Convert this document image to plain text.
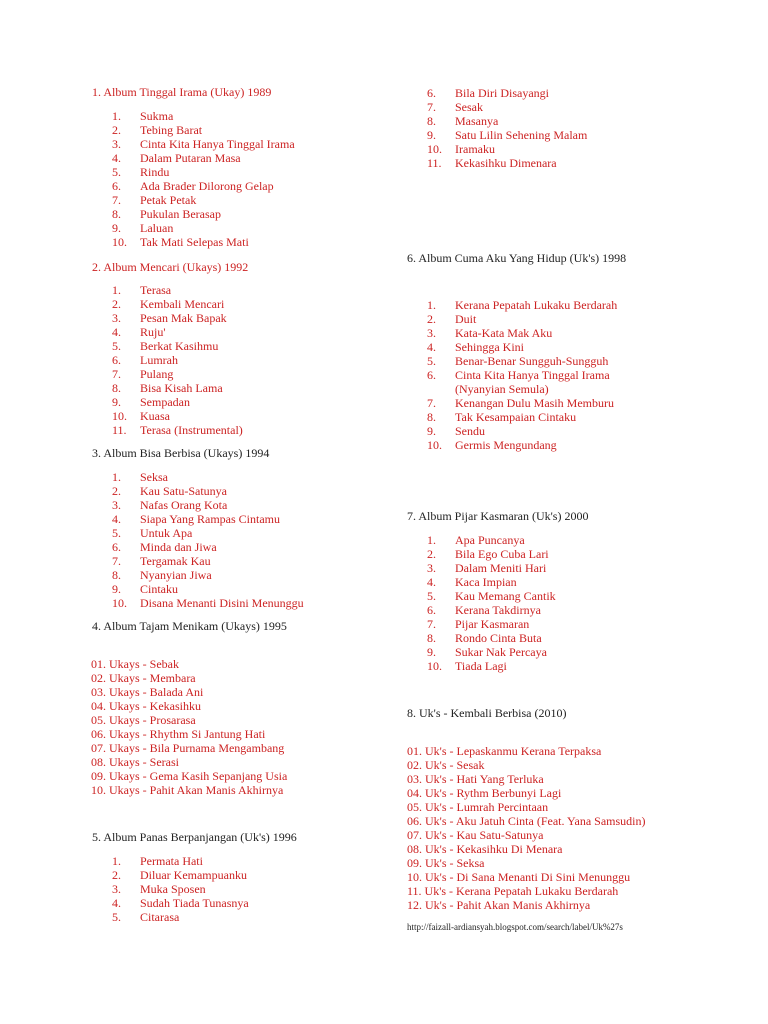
1. Album Tinggal Irama (Ukay) 1989
1.	Sukma
2.	Tebing Barat
3.	Cinta Kita Hanya Tinggal Irama
4.	Dalam Putaran Masa
5.	Rindu
6.	Ada Brader Dilorong Gelap
7.	Petak Petak
8.	Pukulan Berasap
9.	Laluan
10.	Tak Mati Selepas Mati
2. Album Mencari (Ukays) 1992
1.	Terasa
2.	Kembali Mencari
3.	Pesan Mak Bapak
4.	Ruju'
5.	Berkat Kasihmu
6.	Lumrah
7.	Pulang
8.	Bisa Kisah Lama
9.	Sempadan
10.	Kuasa
11.	Terasa (Instrumental)
3. Album Bisa Berbisa (Ukays) 1994
1.	Seksa
2.	Kau Satu-Satunya
3.	Nafas Orang Kota
4.	Siapa Yang Rampas Cintamu
5.	Untuk Apa
6.	Minda dan Jiwa
7.	Tergamak Kau
8.	Nyanyian Jiwa
9.	Cintaku
10.	Disana Menanti Disini Menunggu
4. Album Tajam Menikam (Ukays) 1995
01. Ukays - Sebak
02. Ukays - Membara
03. Ukays - Balada Ani
04. Ukays - Kekasihku
05. Ukays - Prosarasa
06. Ukays - Rhythm Si Jantung Hati
07. Ukays - Bila Purnama Mengambang
08. Ukays - Serasi
09. Ukays - Gema Kasih Sepanjang Usia
10. Ukays - Pahit Akan Manis Akhirnya
5. Album Panas Berpanjangan (Uk's) 1996
1.	Permata Hati
2.	Diluar Kemampuanku
3.	Muka Sposen
4.	Sudah Tiada Tunasnya
5.	Citarasa
6.	Bila Diri Disayangi
7.	Sesak
8.	Masanya
9.	Satu Lilin Sehening Malam
10.	Iramaku
11.	Kekasihku Dimenara
6. Album Cuma Aku Yang Hidup (Uk's) 1998
1.	Kerana Pepatah Lukaku Berdarah
2.	Duit
3.	Kata-Kata Mak Aku
4.	Sehingga Kini
5.	Benar-Benar Sungguh-Sungguh
6.	Cinta Kita Hanya Tinggal Irama (Nyanyian Semula)
7.	Kenangan Dulu Masih Memburu
8.	Tak Kesampaian Cintaku
9.	Sendu
10.	Germis Mengundang
7. Album Pijar Kasmaran (Uk's) 2000
1.	Apa Puncanya
2.	Bila Ego Cuba Lari
3.	Dalam Meniti Hari
4.	Kaca Impian
5.	Kau Memang Cantik
6.	Kerana Takdirnya
7.	Pijar Kasmaran
8.	Rondo Cinta Buta
9.	Sukar Nak Percaya
10.	Tiada Lagi
8. Uk's - Kembali Berbisa (2010)
01. Uk's - Lepaskanmu Kerana Terpaksa
02. Uk's - Sesak
03. Uk's - Hati Yang Terluka
04. Uk's - Rythm Berbunyi Lagi
05. Uk's - Lumrah Percintaan
06. Uk's - Aku Jatuh Cinta (Feat. Yana Samsudin)
07. Uk's - Kau Satu-Satunya
08. Uk's - Kekasihku Di Menara
09. Uk's - Seksa
10. Uk's - Di Sana Menanti Di Sini Menunggu
11. Uk's - Kerana Pepatah Lukaku Berdarah
12. Uk's - Pahit Akan Manis Akhirnya
http://faizall-ardiansyah.blogspot.com/search/label/Uk%27s
